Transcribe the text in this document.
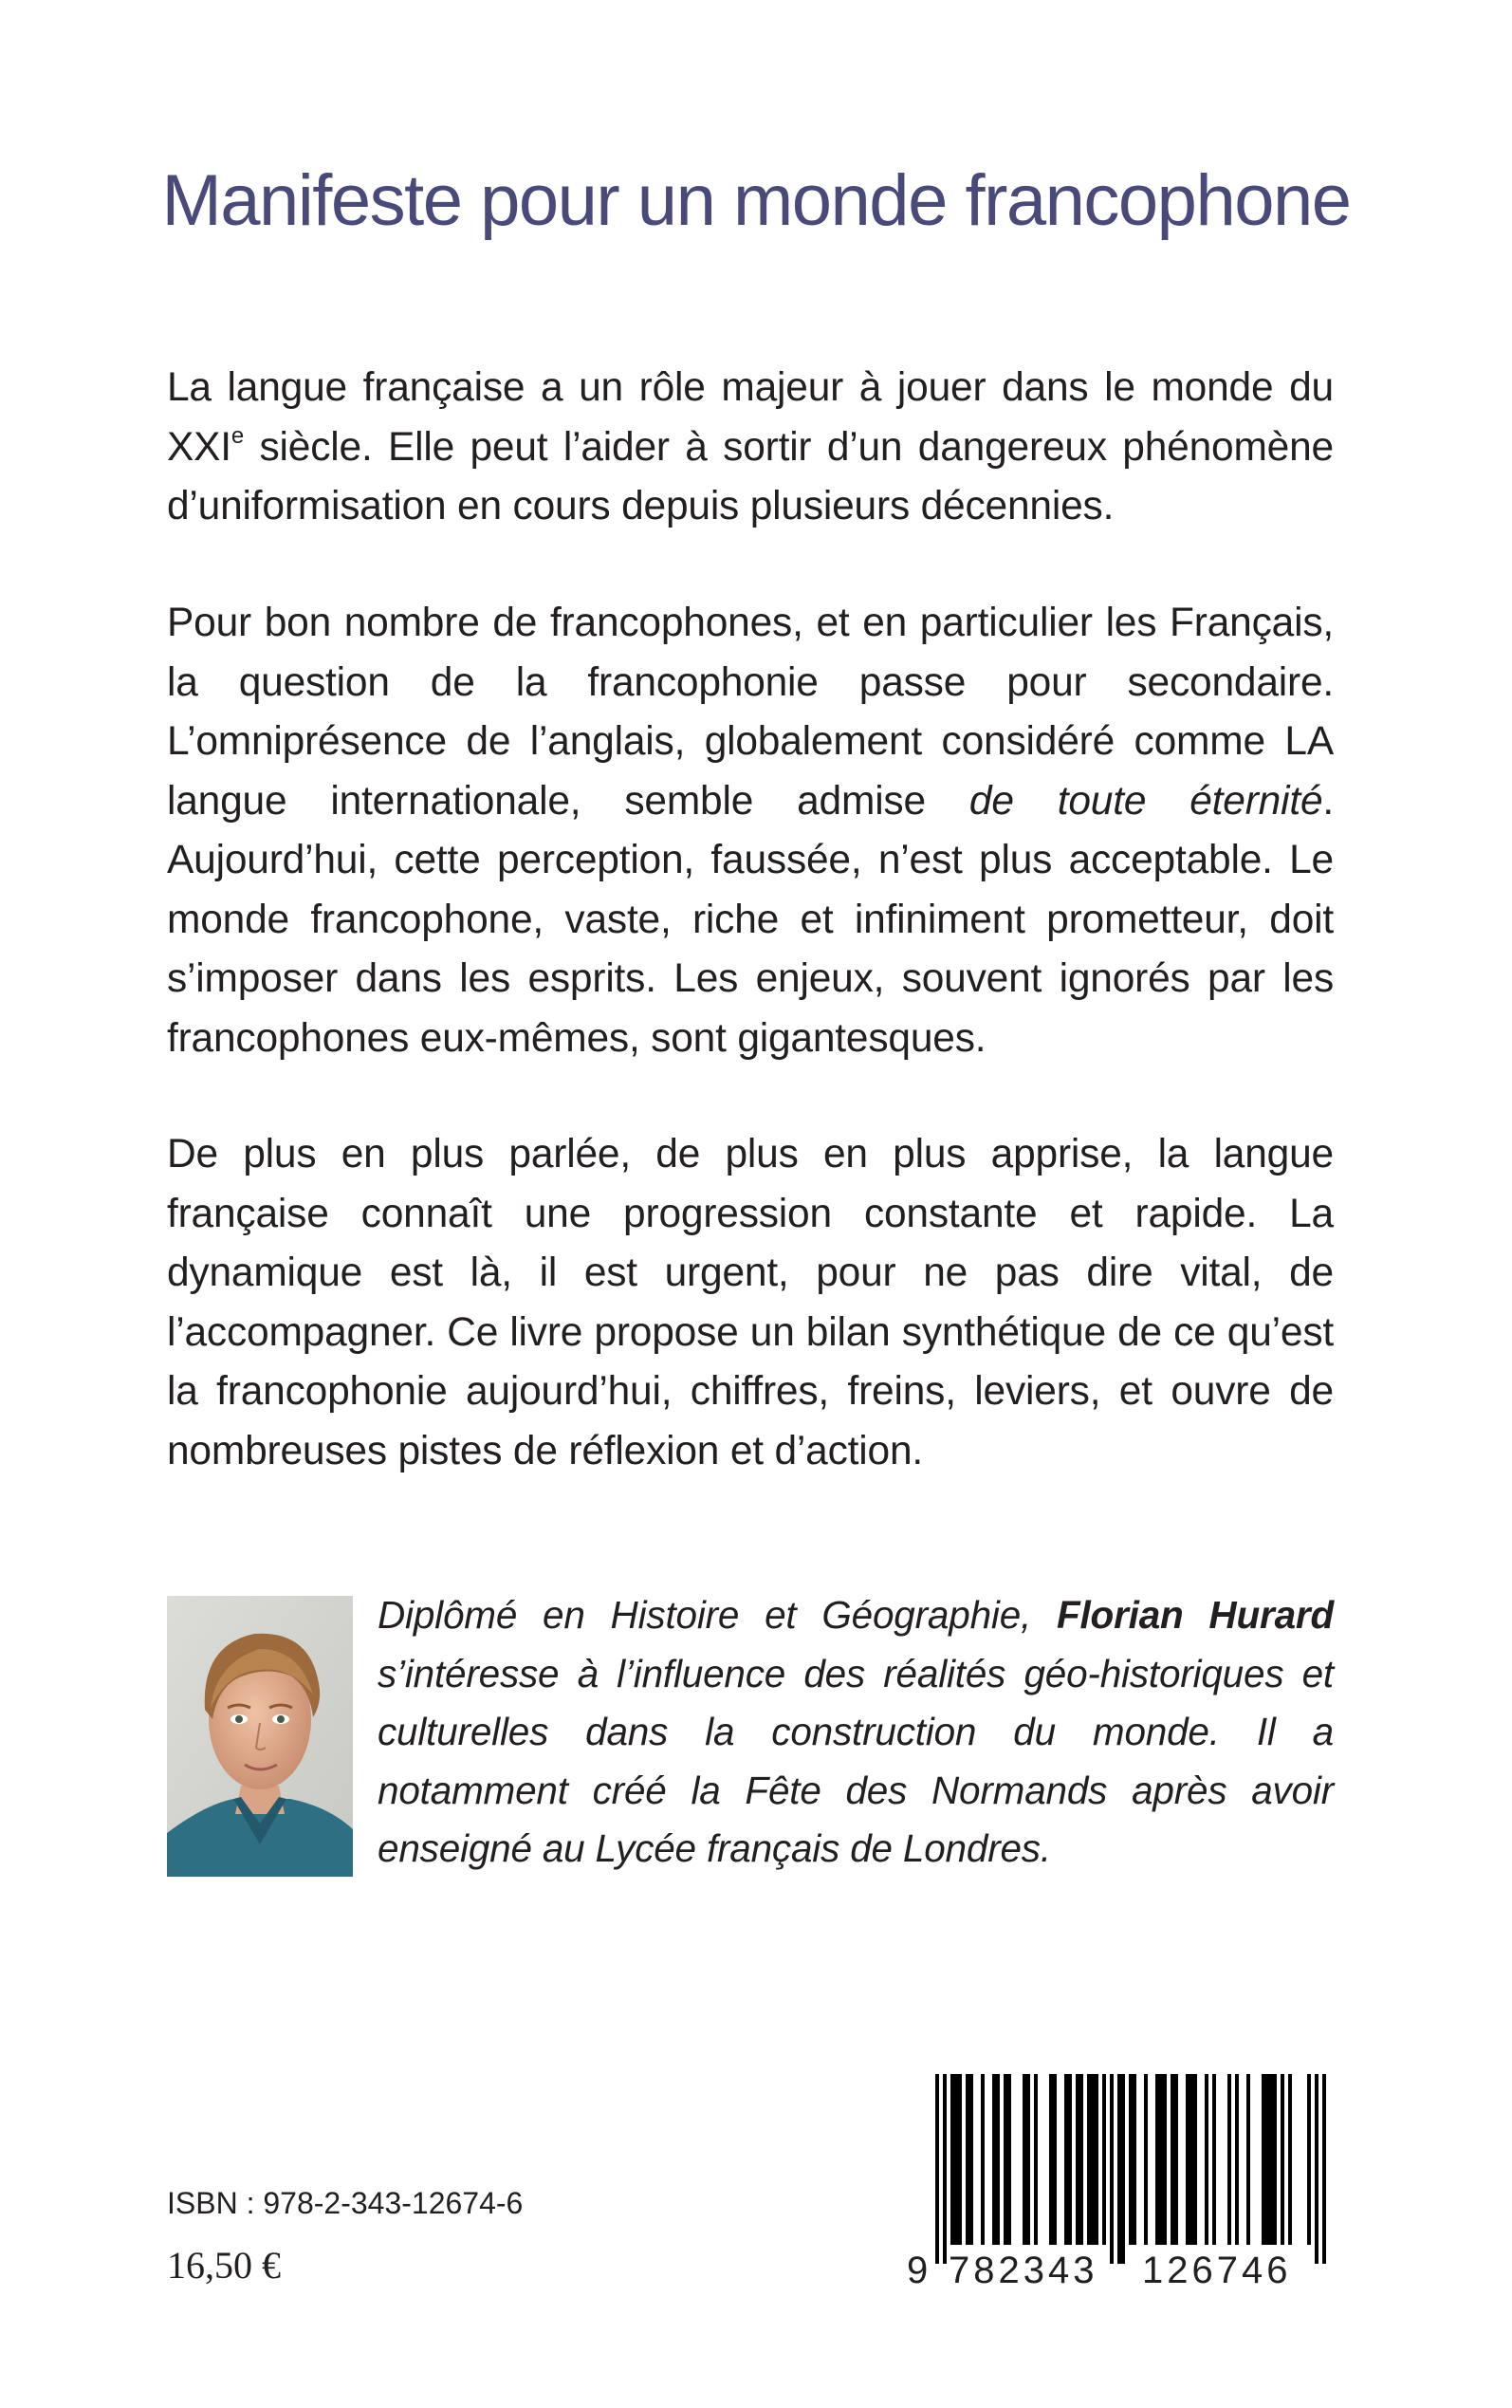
Manifeste pour un monde francophone

La langue française a un rôle majeur à jouer dans le monde du XXIe siècle. Elle peut l’aider à sortir d’un dangereux phénomène d’uniformisation en cours depuis plusieurs décennies.

Pour bon nombre de francophones, et en particulier les Français, la question de la francophonie passe pour secondaire. L’omniprésence de l’anglais, globalement considéré comme LA langue internationale, semble admise de toute éternité. Aujourd’hui, cette perception, faussée, n’est plus acceptable. Le monde francophone, vaste, riche et infiniment prometteur, doit s’imposer dans les esprits. Les enjeux, souvent ignorés par les francophones eux-mêmes, sont gigantesques.

De plus en plus parlée, de plus en plus apprise, la langue française connaît une progression constante et rapide. La dynamique est là, il est urgent, pour ne pas dire vital, de l’accompagner. Ce livre propose un bilan synthétique de ce qu’est la francophonie aujourd’hui, chiffres, freins, leviers, et ouvre de nombreuses pistes de réflexion et d’action.

Diplômé en Histoire et Géographie, Florian Hurard s’intéresse à l’influence des réalités géo-historiques et culturelles dans la construction du monde. Il a notamment créé la Fête des Normands après avoir enseigné au Lycée français de Londres.

ISBN : 978-2-343-12674-6
16,50 €	9 782343 126746
